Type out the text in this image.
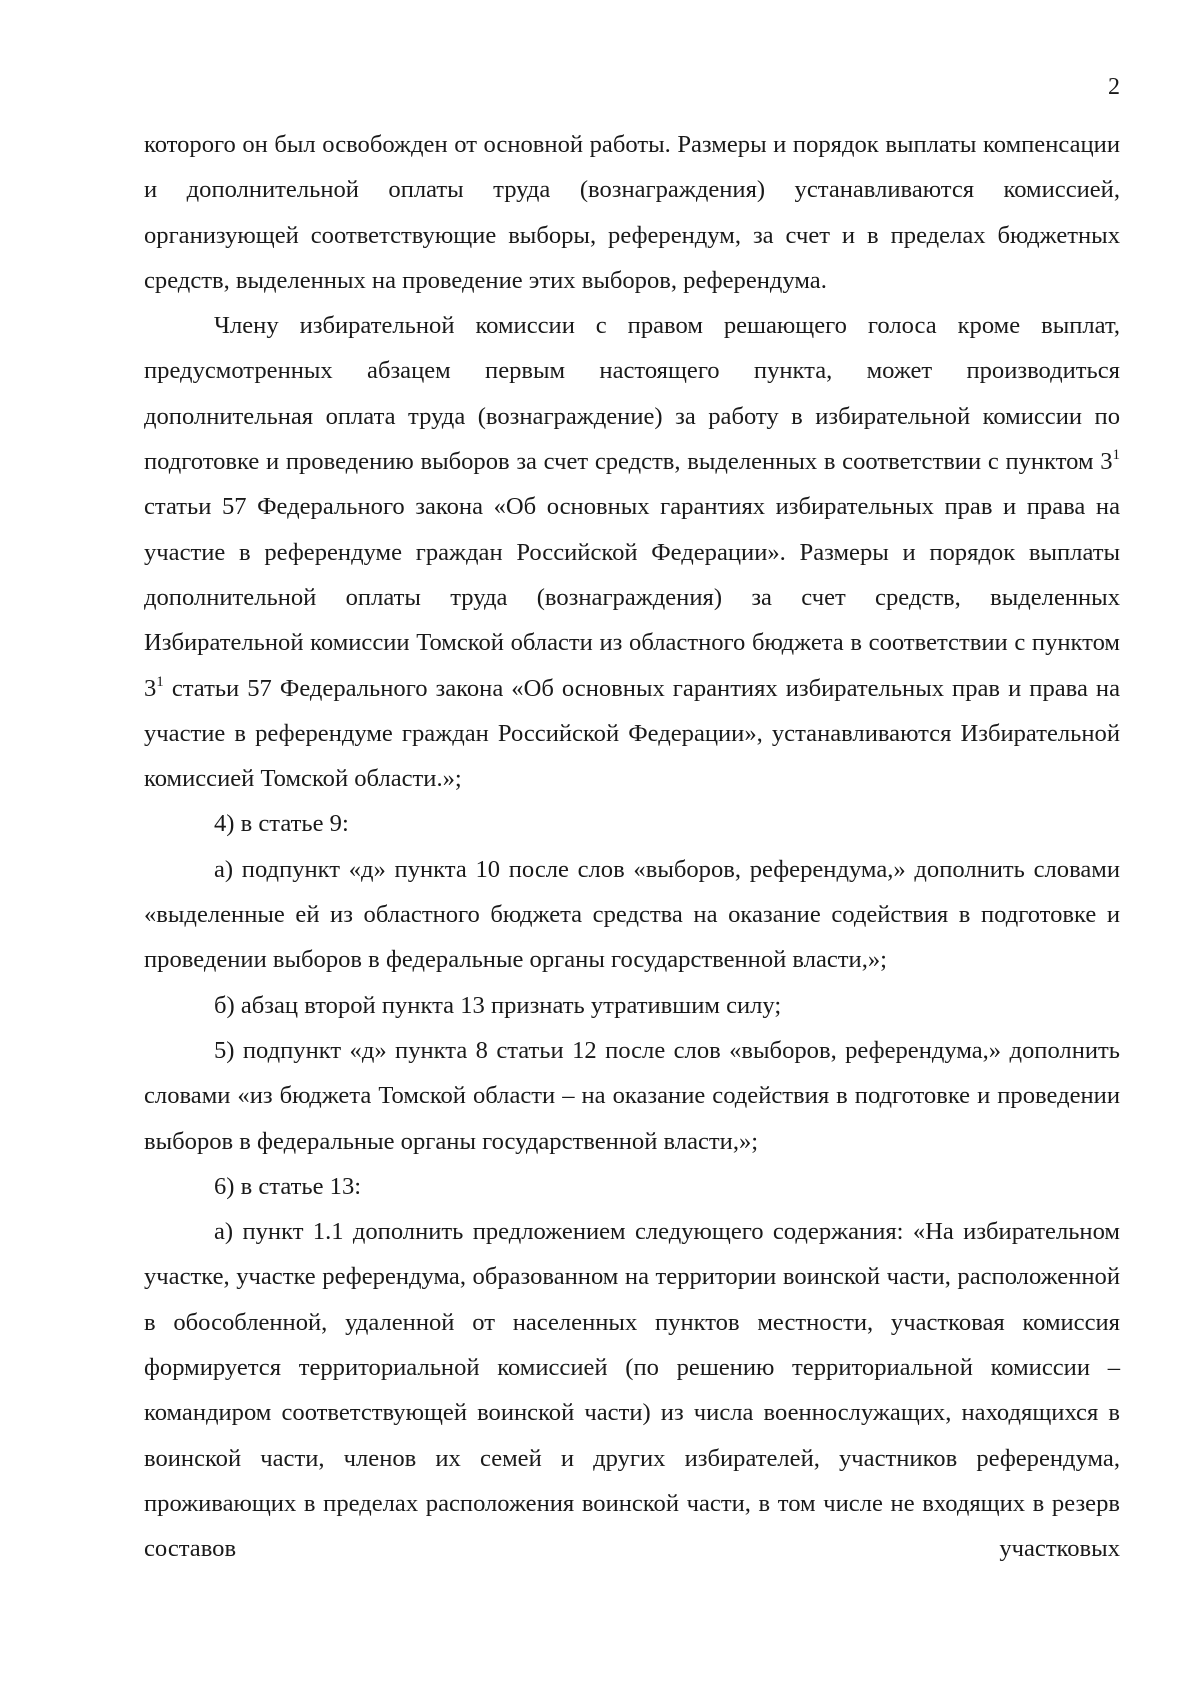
2

которого он был освобожден от основной работы. Размеры и порядок выплаты компенсации и дополнительной оплаты труда (вознаграждения) устанавливаются комиссией, организующей соответствующие выборы, референдум, за счет и в пределах бюджетных средств, выделенных на проведение этих выборов, референдума.

Члену избирательной комиссии с правом решающего голоса кроме выплат, предусмотренных абзацем первым настоящего пункта, может производиться дополнительная оплата труда (вознаграждение) за работу в избирательной комиссии по подготовке и проведению выборов за счет средств, выделенных в соответствии с пунктом $3^1$ статьи 57 Федерального закона «Об основных гарантиях избирательных прав и права на участие в референдуме граждан Российской Федерации». Размеры и порядок выплаты дополнительной оплаты труда (вознаграждения) за счет средств, выделенных Избирательной комиссии Томской области из областного бюджета в соответствии с пунктом $3^1$ статьи 57 Федерального закона «Об основных гарантиях избирательных прав и права на участие в референдуме граждан Российской Федерации», устанавливаются Избирательной комиссией Томской области.»;

4) в статье 9:

а) подпункт «д» пункта 10 после слов «выборов, референдума,» дополнить словами «выделенные ей из областного бюджета средства на оказание содействия в подготовке и проведении выборов в федеральные органы государственной власти,»;

б) абзац второй пункта 13 признать утратившим силу;

5) подпункт «д» пункта 8 статьи 12 после слов «выборов, референдума,» дополнить словами «из бюджета Томской области – на оказание содействия в подготовке и проведении выборов в федеральные органы государственной власти,»;

6) в статье 13:

а) пункт 1.1 дополнить предложением следующего содержания: «На избирательном участке, участке референдума, образованном на территории воинской части, расположенной в обособленной, удаленной от населенных пунктов местности, участковая комиссия формируется территориальной комиссией (по решению территориальной комиссии – командиром соответствующей воинской части) из числа военнослужащих, находящихся в воинской части, членов их семей и других избирателей, участников референдума, проживающих в пределах расположения воинской части, в том числе не входящих в резерв составов участковых
